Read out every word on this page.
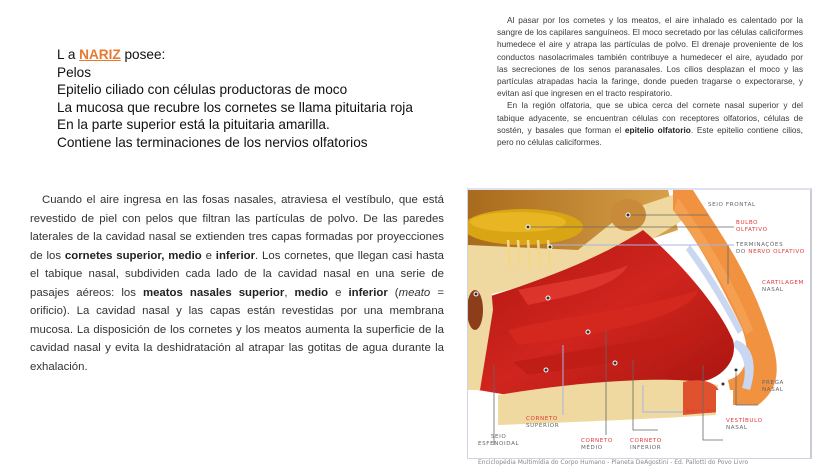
L a NARIZ posee:
Pelos
Epitelio ciliado con células productoras de moco
La mucosa que recubre los cornetes se llama pituitaria roja
En la parte superior está la pituitaria amarilla.
Contiene las terminaciones de los nervios olfatorios

Cuando el aire ingresa en las fosas nasales, atraviesa el vestíbulo, que está revestido de piel con pelos que filtran las partículas de polvo. De las paredes laterales de la cavidad nasal se extienden tres capas formadas por proyecciones de los cornetes superior, medio e inferior. Los cornetes, que llegan casi hasta el tabique nasal, subdividen cada lado de la cavidad nasal en una serie de pasajes aéreos: los meatos nasales superior, medio e inferior (meato = orificio). La cavidad nasal y las capas están revestidas por una membrana mucosa. La disposición de los cornetes y los meatos aumenta la superficie de la cavidad nasal y evita la deshidratación al atrapar las gotitas de agua durante la exhalación.

Al pasar por los cornetes y los meatos, el aire inhalado es calentado por la sangre de los capilares sanguíneos. El moco secretado por las células caliciformes humedece el aire y atrapa las partículas de polvo. El drenaje proveniente de los conductos nasolacrimales también contribuye a humedecer el aire, ayudado por las secreciones de los senos paranasales. Los cilios desplazan el moco y las partículas atrapadas hacia la faringe, donde pueden tragarse o expectorarse, y evitan así que ingresen en el tracto respiratorio.

En la región olfatoria, que se ubica cerca del cornete nasal superior y del tabique adyacente, se encuentran células con receptores olfatorios, células de sostén, y basales que forman el epitelio olfatorio. Este epitelio contiene cilios, pero no células caliciformes.

SEIO FRONTAL
BULBO
OLFATIVO
TERMINAÇÕES
DO NERVO OLFATIVO
CARTILAGEM
NASAL
PREGA
NASAL
VESTÍBULO
NASAL
MAXILAR
CORNETO
SUPERIOR
CORNETO
MÉDIO
CORNETO
INFERIOR
SEIO
ESFENOIDAL
Enciclopédia Multimídia do Corpo Humano - Planeta DeAgostini - Ed. Pallotti do Povo Livro
